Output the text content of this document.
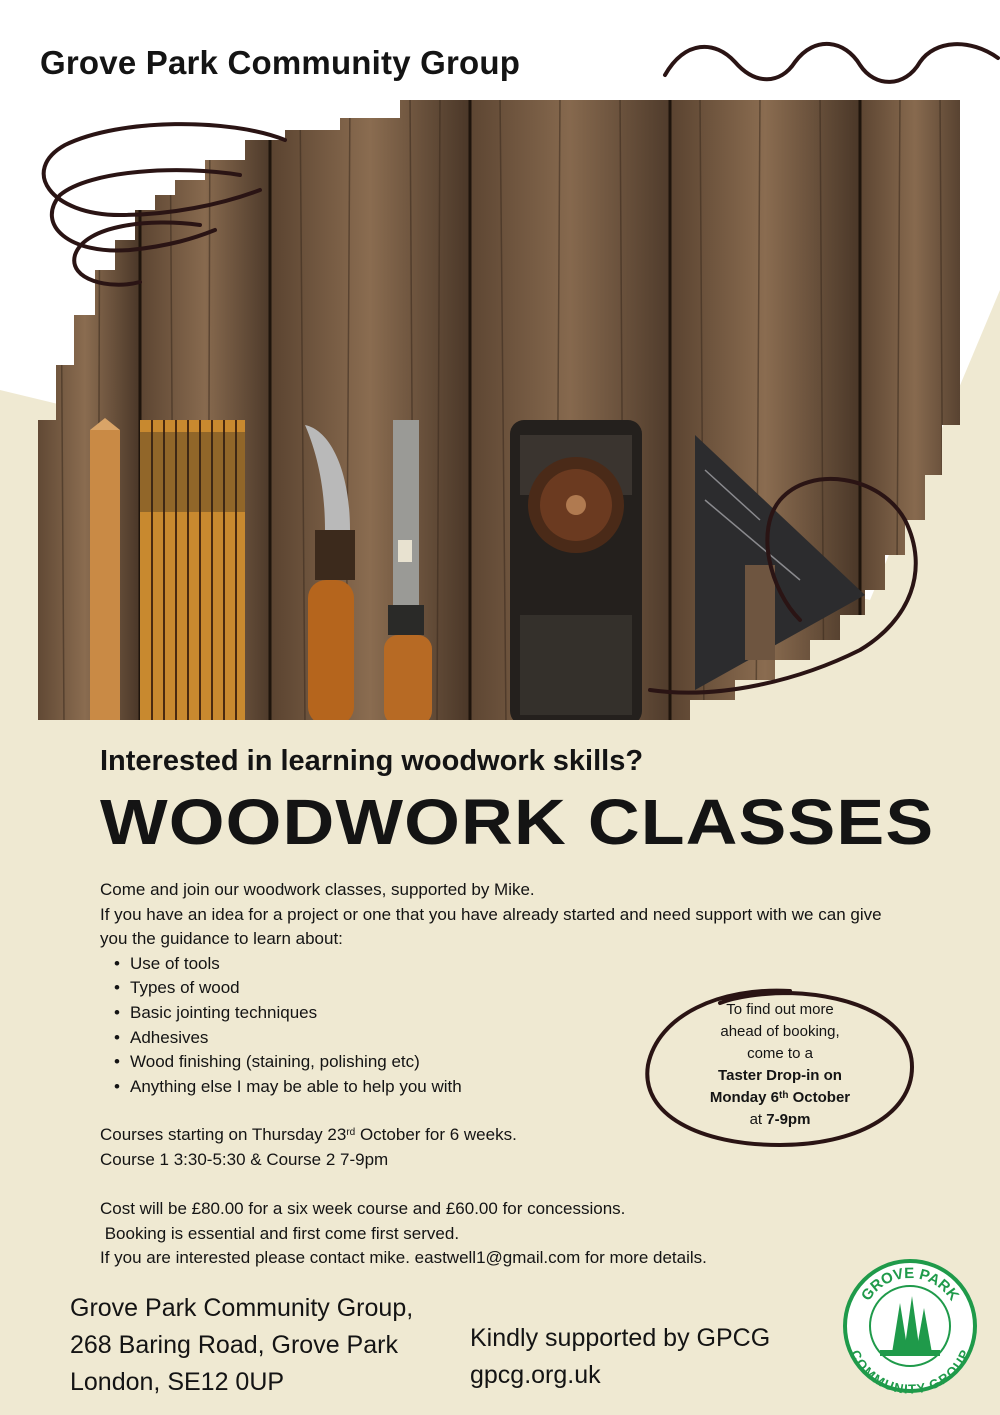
Grove Park Community Group
Interested in learning woodwork skills?
WOODWORK CLASSES

Come and join our woodwork classes, supported by Mike.

If you have an idea for a project or one that you have already started and need support with we can give you the guidance to learn about:

• Use of tools
• Types of wood
• Basic jointing techniques
• Adhesives
• Wood finishing (staining, polishing etc)
• Anything else I may be able to help you with

Courses starting on Thursday 23rd October for 6 weeks.

Course 1 3:30-5:30 & Course 2 7-9pm

Cost will be £80.00 for a six week course and £60.00 for concessions.

Booking is essential and first come first served.

If you are interested please contact mike. eastwell1@gmail.com for more details.

To find out more
ahead of booking,
come to a
Taster Drop-in on
Monday 6th October
at 7-9pm
Grove Park Community Group,
268 Baring Road, Grove Park
London, SE12 0UP
Kindly supported by GPCG
gpcg.org.uk
GROVE PARK
COMMUNITY GROUP
